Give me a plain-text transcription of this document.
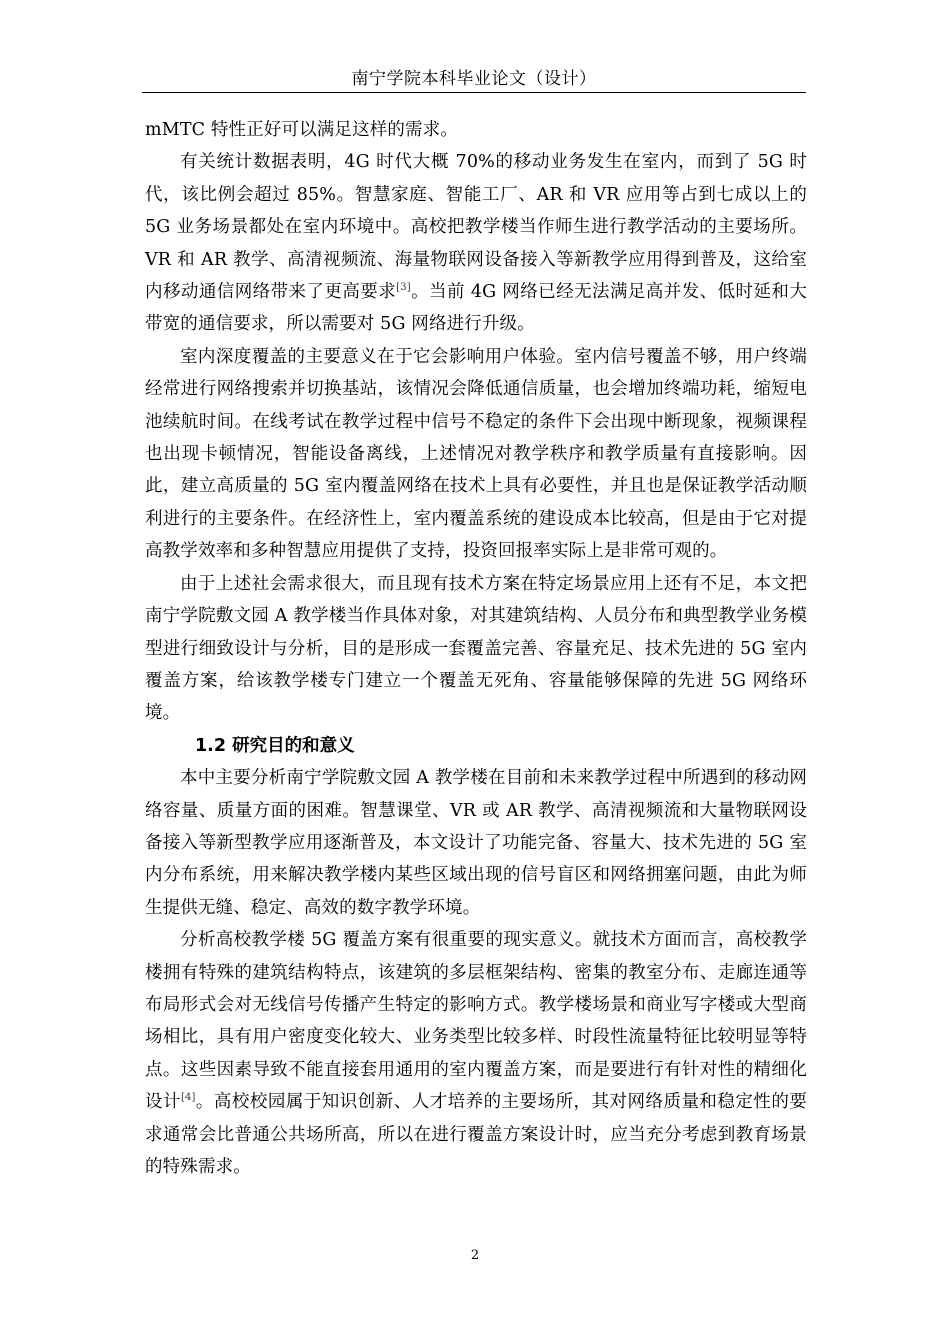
南宁学院本科毕业论文（设计）

mMTC 特性正好可以满足这样的需求。

有关统计数据表明，4G 时代大概 70%的移动业务发生在室内，而到了 5G 时代，该比例会超过 85%。智慧家庭、智能工厂、AR 和 VR 应用等占到七成以上的 5G 业务场景都处在室内环境中。高校把教学楼当作师生进行教学活动的主要场所。VR 和 AR 教学、高清视频流、海量物联网设备接入等新教学应用得到普及，这给室内移动通信网络带来了更高要求[3]。当前 4G 网络已经无法满足高并发、低时延和大带宽的通信要求，所以需要对 5G 网络进行升级。

室内深度覆盖的主要意义在于它会影响用户体验。室内信号覆盖不够，用户终端经常进行网络搜索并切换基站，该情况会降低通信质量，也会增加终端功耗，缩短电池续航时间。在线考试在教学过程中信号不稳定的条件下会出现中断现象，视频课程也出现卡顿情况，智能设备离线，上述情况对教学秩序和教学质量有直接影响。因此，建立高质量的 5G 室内覆盖网络在技术上具有必要性，并且也是保证教学活动顺利进行的主要条件。在经济性上，室内覆盖系统的建设成本比较高，但是由于它对提高教学效率和多种智慧应用提供了支持，投资回报率实际上是非常可观的。

由于上述社会需求很大，而且现有技术方案在特定场景应用上还有不足，本文把南宁学院敷文园 A 教学楼当作具体对象，对其建筑结构、人员分布和典型教学业务模型进行细致设计与分析，目的是形成一套覆盖完善、容量充足、技术先进的 5G 室内覆盖方案，给该教学楼专门建立一个覆盖无死角、容量能够保障的先进 5G 网络环境。

1.2 研究目的和意义

本中主要分析南宁学院敷文园 A 教学楼在目前和未来教学过程中所遇到的移动网络容量、质量方面的困难。智慧课堂、VR 或 AR 教学、高清视频流和大量物联网设备接入等新型教学应用逐渐普及，本文设计了功能完备、容量大、技术先进的 5G 室内分布系统，用来解决教学楼内某些区域出现的信号盲区和网络拥塞问题，由此为师生提供无缝、稳定、高效的数字教学环境。

分析高校教学楼 5G 覆盖方案有很重要的现实意义。就技术方面而言，高校教学楼拥有特殊的建筑结构特点，该建筑的多层框架结构、密集的教室分布、走廊连通等布局形式会对无线信号传播产生特定的影响方式。教学楼场景和商业写字楼或大型商场相比，具有用户密度变化较大、业务类型比较多样、时段性流量特征比较明显等特点。这些因素导致不能直接套用通用的室内覆盖方案，而是要进行有针对性的精细化设计[4]。高校校园属于知识创新、人才培养的主要场所，其对网络质量和稳定性的要求通常会比普通公共场所高，所以在进行覆盖方案设计时，应当充分考虑到教育场景的特殊需求。

2
